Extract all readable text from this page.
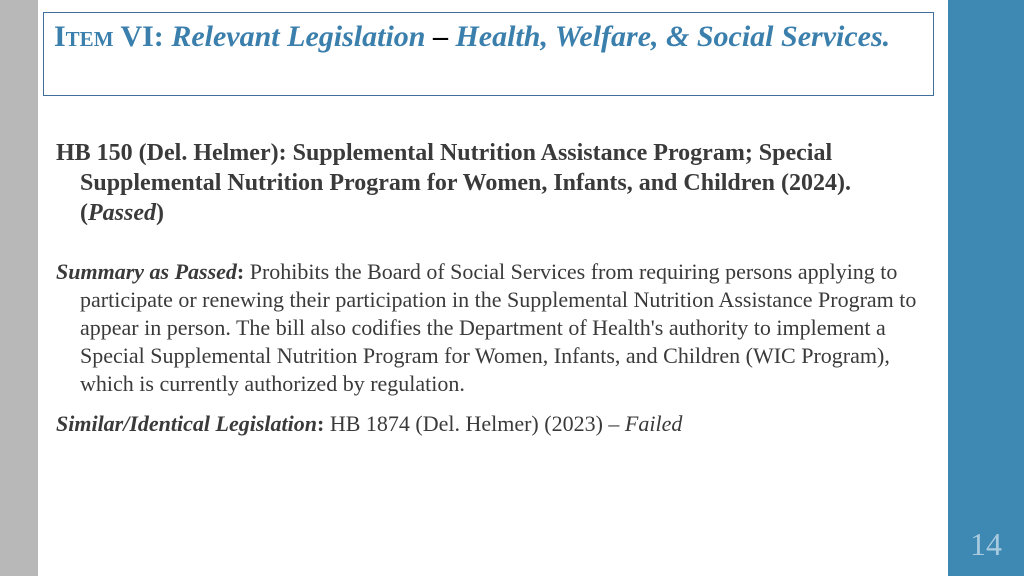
14
Item VI: Relevant Legislation – Health, Welfare, & Social Services.

HB 150 (Del. Helmer): Supplemental Nutrition Assistance Program; Special Supplemental Nutrition Program for Women, Infants, and Children (2024). (Passed)

Summary as Passed: Prohibits the Board of Social Services from requiring persons applying to participate or renewing their participation in the Supplemental Nutrition Assistance Program to appear in person. The bill also codifies the Department of Health's authority to implement a Special Supplemental Nutrition Program for Women, Infants, and Children (WIC Program), which is currently authorized by regulation.

Similar/Identical Legislation: HB 1874 (Del. Helmer) (2023) – Failed
